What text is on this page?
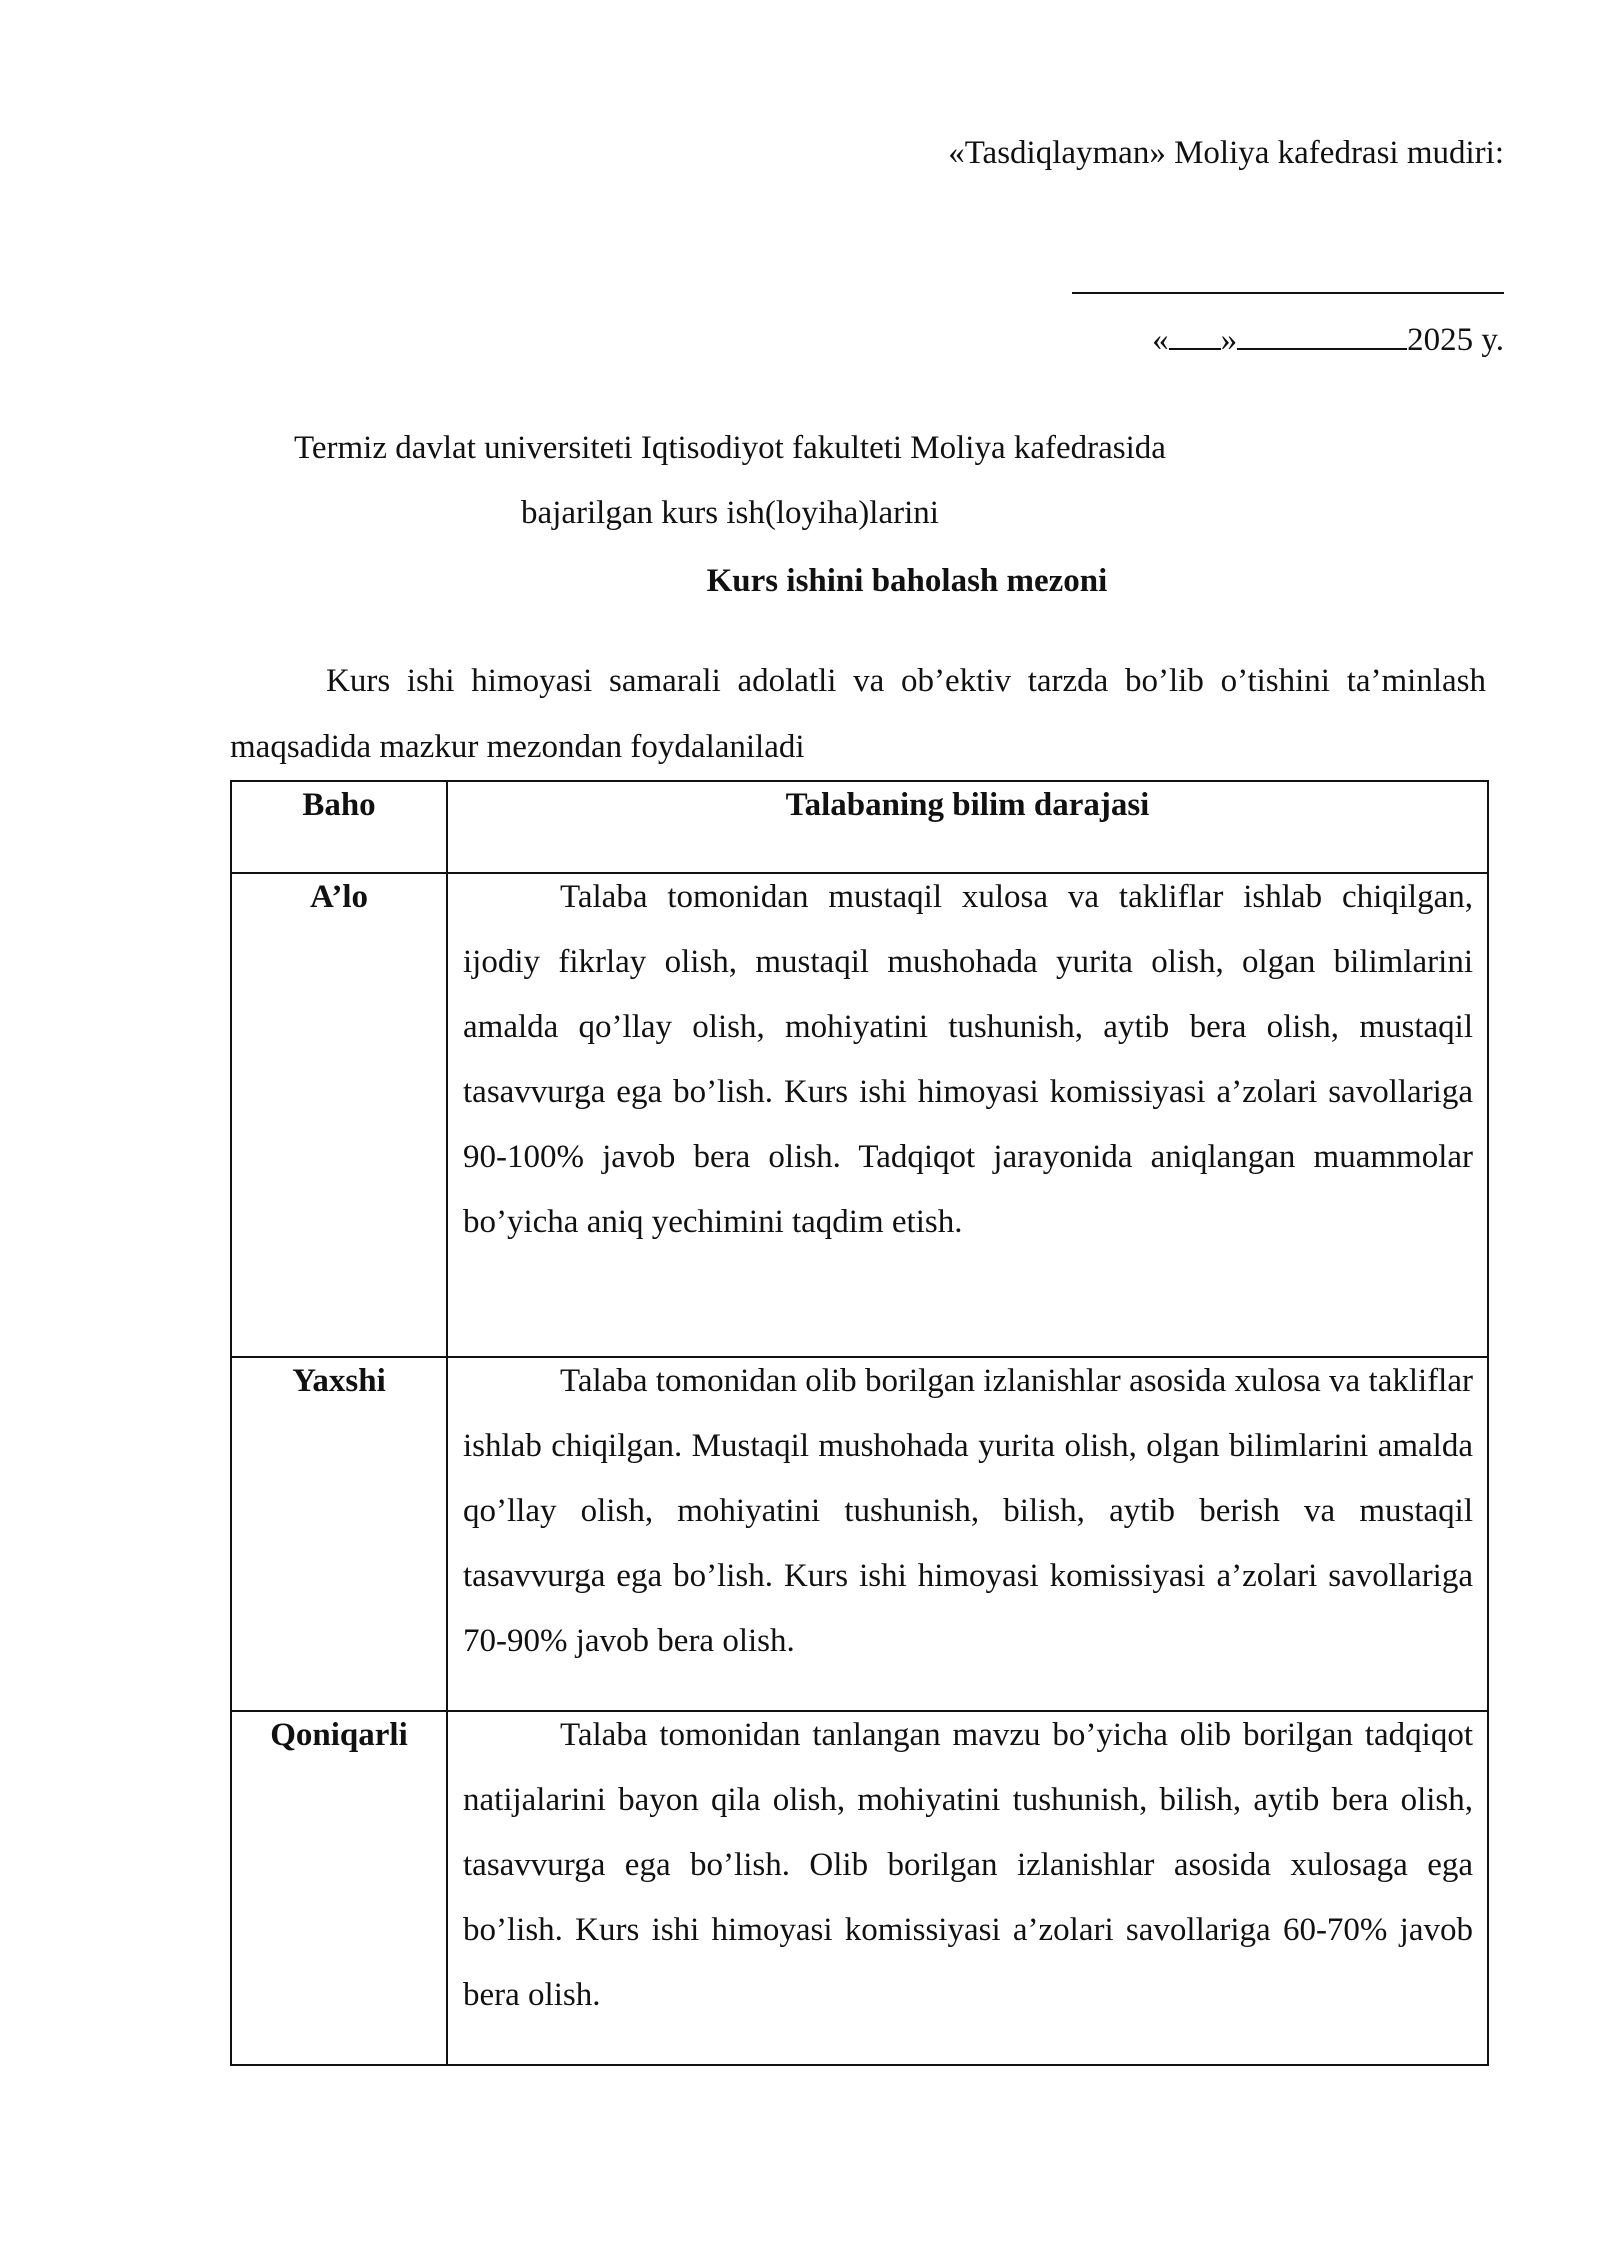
«Tasdiqlayman» Moliya kafedrasi mudiri:
« »	2025 y.
Termiz davlat universiteti Iqtisodiyot fakulteti Moliya kafedrasida
bajarilgan kurs ish(loyiha)larini
Kurs ishini baholash mezoni
Kurs ishi himoyasi samarali adolatli va ob’ektiv tarzda bo’lib o’tishini ta’minlash maqsadida mazkur mezondan foydalaniladi
Baho	Talabaning bilim darajasi

A’lo	Talaba tomonidan mustaqil xulosa va takliflar ishlab chiqilgan, ijodiy fikrlay olish, mustaqil mushohada yurita olish, olgan bilimlarini amalda qo’llay olish, mohiyatini tushunish, aytib bera olish, mustaqil tasavvurga ega bo’lish. Kurs ishi himoyasi komissiyasi a’zolari savollariga 90-100% javob bera olish. Tadqiqot jarayonida aniqlangan muammolar bo’yicha aniq yechimini taqdim etish.

Yaxshi	Talaba tomonidan olib borilgan izlanishlar asosida xulosa va takliflar ishlab chiqilgan. Mustaqil mushohada yurita olish, olgan bilimlarini amalda qo’llay olish, mohiyatini tushunish, bilish, aytib berish va mustaqil tasavvurga ega bo’lish. Kurs ishi himoyasi komissiyasi a’zolari savollariga 70-90% javob bera olish.

Qoniqarli	Talaba tomonidan tanlangan mavzu bo’yicha olib borilgan tadqiqot natijalarini bayon qila olish, mohiyatini tushunish, bilish, aytib bera olish, tasavvurga ega bo’lish. Olib borilgan izlanishlar asosida xulosaga ega bo’lish. Kurs ishi himoyasi komissiyasi a’zolari savollariga 60-70% javob bera olish.
